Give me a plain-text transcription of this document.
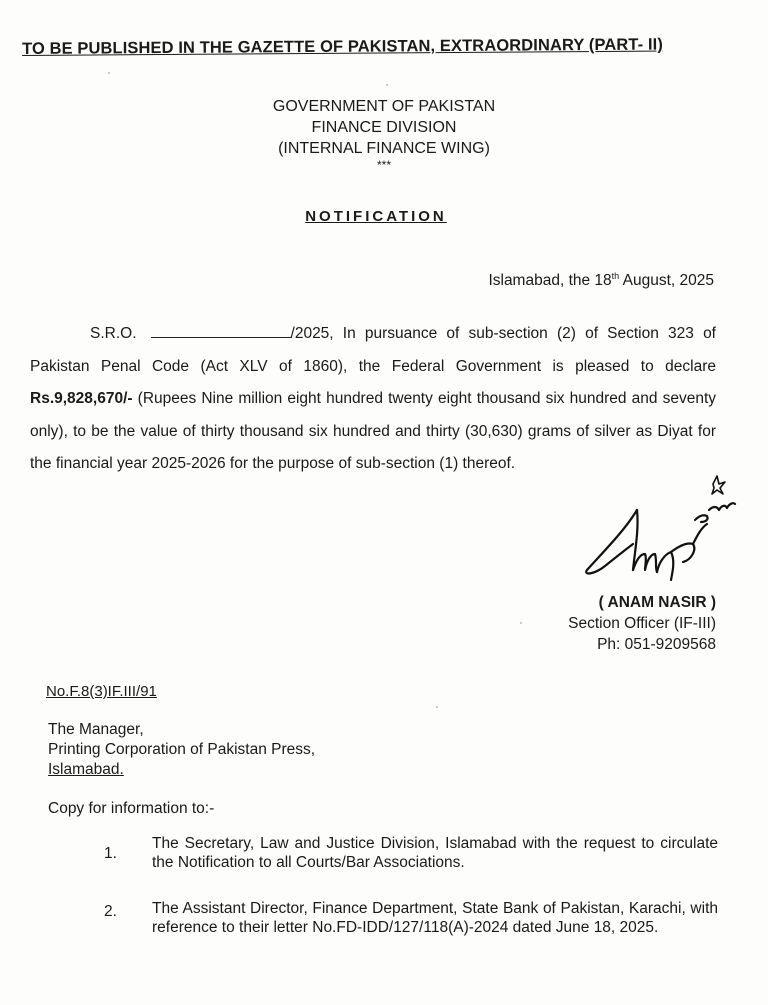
TO BE PUBLISHED IN THE GAZETTE OF PAKISTAN, EXTRAORDINARY (PART- II)
GOVERNMENT OF PAKISTAN
FINANCE DIVISION
(INTERNAL FINANCE WING)
***
NOTIFICATION
Islamabad, the 18th August, 2025
S.R.O.	/2025, In pursuance of sub-section (2) of Section 323 of Pakistan Penal Code (Act XLV of 1860), the Federal Government is pleased to declare Rs.9,828,670/- (Rupees Nine million eight hundred twenty eight thousand six hundred and seventy only), to be the value of thirty thousand six hundred and thirty (30,630) grams of silver as Diyat for the financial year 2025-2026 for the purpose of sub-section (1) thereof.
( ANAM NASIR )
Section Officer (IF-III)
Ph: 051-9209568
No.F.8(3)IF.III/91
The Manager,
Printing Corporation of Pakistan Press,
Islamabad.
Copy for information to:-
1.
The Secretary, Law and Justice Division, Islamabad with the request to circulate the Notification to all Courts/Bar Associations.
2. The Assistant Director, Finance Department, State Bank of Pakistan, Karachi, with reference to their letter No.FD-IDD/127/118(A)-2024 dated June 18, 2025.
